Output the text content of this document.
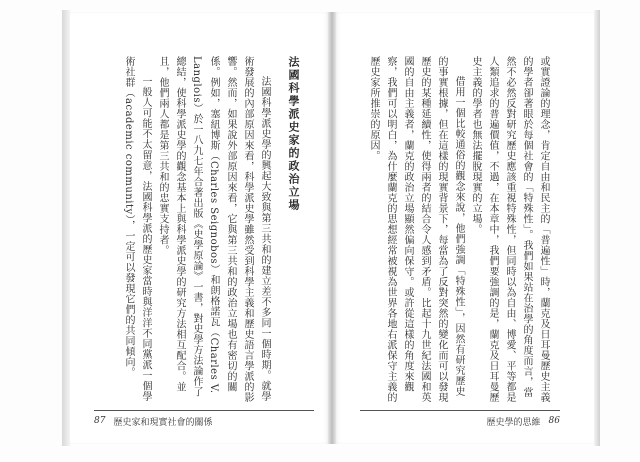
法國科學派史家的政治立場

法國科學派史學的興起大致與第三共和的建立差不多同一個時期。就學術發展的內部原因來看，科學派史學雖然受到科學主義和歷史語言學派的影響。然而，如果說外部原因來看，它與第三共和的政治立場也有密切的關係。例如，塞紐博斯（Charles Seignobos）和朗格諾瓦（Charles V. Langlois）於一八九七年合著出版《史學原論》一書，對史學方法論作了總結，使科學派史學的觀念基本上與科學派史學的研究方法相互配合。並且，他們兩人都是第三共和的忠實支持者。

一般人可能不太留意，法國科學派的歷史家當時與洋洋不同黨派一個學術社群（academic community），一定可以發現它們的共同傾向。	或實證論的理念，肯定自由和民主的「普遍性」時，蘭克及日耳曼歷史主義的學者卻著眼於每個社會的「特殊性」。我們如果站在治學的角度而言，當然不必然反對研究歷史應該重視特殊性，但同時以為自由、博愛、平等都是人類追求的普遍價值，不過，在本章中，我們要強調的是，蘭克及日耳曼歷史主義的學者也無法擺脫現實的立場。

借用一個比較通俗的觀念來說，他們強調「特殊性」，因然有研究歷史的事實根據，但在這樣的現實背景下，每當為了反對突然的變化而可以發現歷史的某種延續性，使得兩者的結合令人感到矛盾。比起十九世紀法國和英國的自由主義者，蘭克的政治立場顯然偏向保守。或許從這樣的角度來觀察，我們可以明白，為什麼蘭克的思想經常被視為世界各地右派保守主義的歷史家所推崇的原因。

87 歷史家和現實社會的關係	歷史學的思維 86
